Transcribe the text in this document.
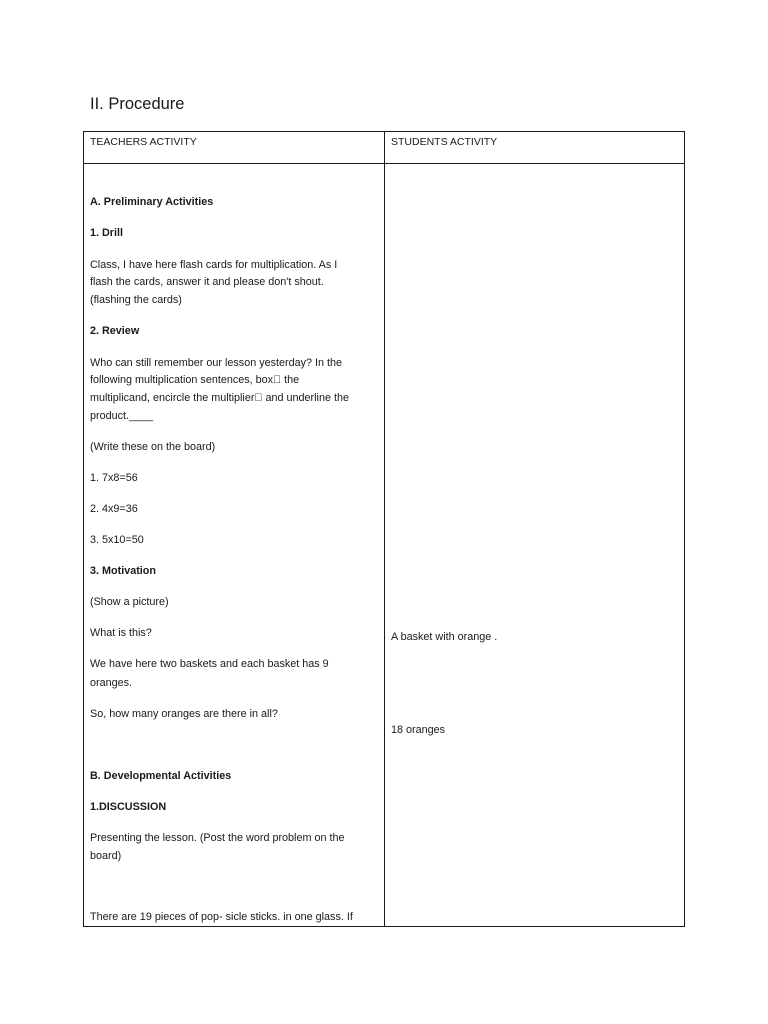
II. Procedure
TEACHERS ACTIVITY	STUDENTS ACTIVITY
A. Preliminary Activities
1. Drill
Class, I have here flash cards for multiplication. As I
flash the cards, answer it and please don't shout.
(flashing the cards)
2. Review
Who can still remember our lesson yesterday? In the
following multiplication sentences, box  the
multiplicand, encircle the multiplier  and underline the
product.____
(Write these on the board)
1. 7x8=56
2. 4x9=36
3. 5x10=50
3. Motivation
(Show a picture)
What is this?
We have here two baskets and each basket has 9
oranges.
So, how many oranges are there in all?
B. Developmental Activities
1.DISCUSSION
Presenting the lesson. (Post the word problem on the
board)
There are 19 pieces of pop- sicle sticks. in one glass. If
A basket with orange .
18 oranges
